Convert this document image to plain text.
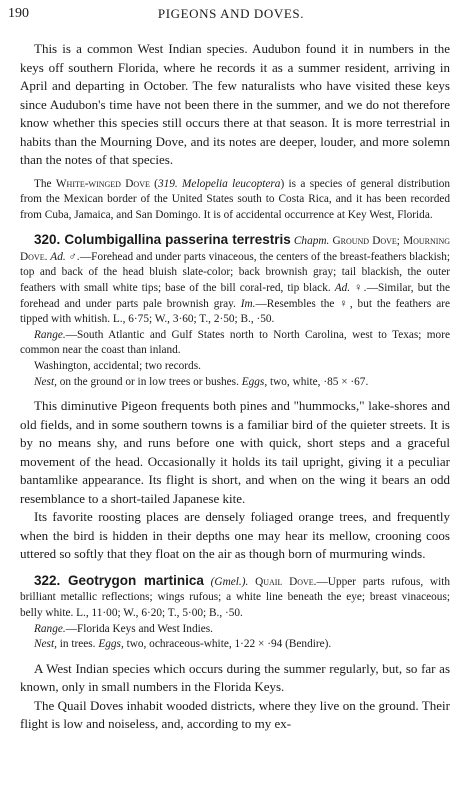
190	PIGEONS AND DOVES.

This is a common West Indian species. Audubon found it in numbers in the keys off southern Florida, where he records it as a summer resident, arriving in April and departing in October. The few naturalists who have visited these keys since Audubon's time have not been there in the summer, and we do not therefore know whether this species still occurs there at that season. It is more terrestrial in habits than the Mourning Dove, and its notes are deeper, louder, and more solemn than the notes of that species.

The White-winged Dove (319. Melopelia leucoptera) is a species of general distribution from the Mexican border of the United States south to Costa Rica, and it has been recorded from Cuba, Jamaica, and San Domingo. It is of accidental occurrence at Key West, Florida.

320. Columbigallina passerina terrestris Chapm. Ground Dove; Mourning Dove. Ad. ♂.—Forehead and under parts vinaceous, the centers of the breast-feathers blackish; top and back of the head bluish slate-color; back brownish gray; tail blackish, the outer feathers with small white tips; base of the bill coral-red, tip black. Ad. ♀.—Similar, but the forehead and under parts pale brownish gray. Im.—Resembles the ♀, but the feathers are tipped with whitish. L., 6·75; W., 3·60; T., 2·50; B., ·50.

Range.—South Atlantic and Gulf States north to North Carolina, west to Texas; more common near the coast than inland.

Washington, accidental; two records.

Nest, on the ground or in low trees or bushes. Eggs, two, white, ·85 × ·67.

This diminutive Pigeon frequents both pines and "hummocks," lake-shores and old fields, and in some southern towns is a familiar bird of the quieter streets. It is by no means shy, and runs before one with quick, short steps and a graceful movement of the head. Occasionally it holds its tail upright, giving it a peculiar bantamlike appearance. Its flight is short, and when on the wing it bears an odd resemblance to a short-tailed Japanese kite.

Its favorite roosting places are densely foliaged orange trees, and frequently when the bird is hidden in their depths one may hear its mellow, crooning coos uttered so softly that they float on the air as though born of murmuring winds.

322. Geotrygon martinica (Gmel.). Quail Dove.—Upper parts rufous, with brilliant metallic reflections; wings rufous; a white line beneath the eye; breast vinaceous; belly white. L., 11·00; W., 6·20; T., 5·00; B., ·50.

Range.—Florida Keys and West Indies.

Nest, in trees. Eggs, two, ochraceous-white, 1·22 × ·94 (Bendire).

A West Indian species which occurs during the summer regularly, but, so far as known, only in small numbers in the Florida Keys.

The Quail Doves inhabit wooded districts, where they live on the ground. Their flight is low and noiseless, and, according to my ex-
